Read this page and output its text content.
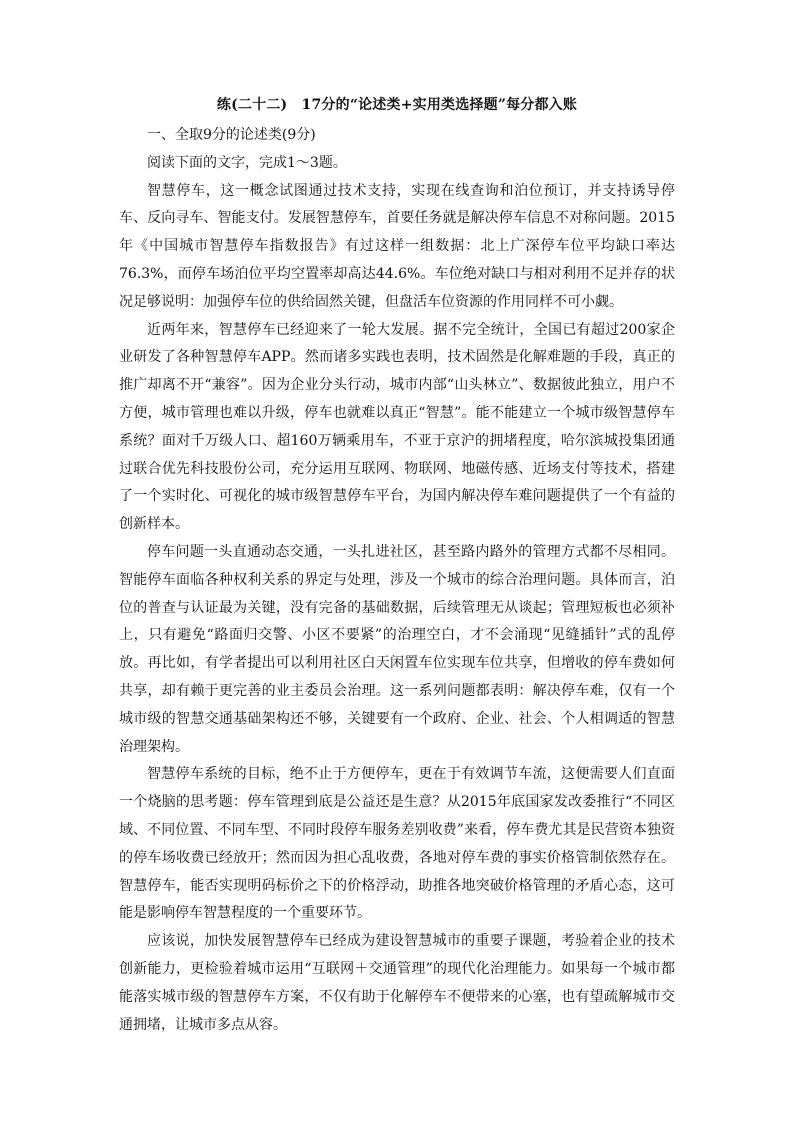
练(二十二)　17分的“论述类+实用类选择题”每分都入账

一、全取9分的论述类(9分)

阅读下面的文字，完成1～3题。

智慧停车，这一概念试图通过技术支持，实现在线查询和泊位预订，并支持诱导停车、反向寻车、智能支付。发展智慧停车，首要任务就是解决停车信息不对称问题。2015年《中国城市智慧停车指数报告》有过这样一组数据：北上广深停车位平均缺口率达76.3%，而停车场泊位平均空置率却高达44.6%。车位绝对缺口与相对利用不足并存的状况足够说明：加强停车位的供给固然关键，但盘活车位资源的作用同样不可小觑。

近两年来，智慧停车已经迎来了一轮大发展。据不完全统计，全国已有超过200家企业研发了各种智慧停车APP。然而诸多实践也表明，技术固然是化解难题的手段，真正的推广却离不开“兼容”。因为企业分头行动，城市内部“山头林立”、数据彼此独立，用户不方便，城市管理也难以升级，停车也就难以真正“智慧”。能不能建立一个城市级智慧停车系统？面对千万级人口、超160万辆乘用车，不亚于京沪的拥堵程度，哈尔滨城投集团通过联合优先科技股份公司，充分运用互联网、物联网、地磁传感、近场支付等技术，搭建了一个实时化、可视化的城市级智慧停车平台，为国内解决停车难问题提供了一个有益的创新样本。

停车问题一头直通动态交通，一头扎进社区，甚至路内路外的管理方式都不尽相同。智能停车面临各种权利关系的界定与处理，涉及一个城市的综合治理问题。具体而言，泊位的普查与认证最为关键，没有完备的基础数据，后续管理无从谈起；管理短板也必须补上，只有避免“路面归交警、小区不要紧”的治理空白，才不会涌现“见缝插针”式的乱停放。再比如，有学者提出可以利用社区白天闲置车位实现车位共享，但增收的停车费如何共享，却有赖于更完善的业主委员会治理。这一系列问题都表明：解决停车难，仅有一个城市级的智慧交通基础架构还不够，关键要有一个政府、企业、社会、个人相调适的智慧治理架构。

智慧停车系统的目标，绝不止于方便停车，更在于有效调节车流，这便需要人们直面一个烧脑的思考题：停车管理到底是公益还是生意？从2015年底国家发改委推行“不同区域、不同位置、不同车型、不同时段停车服务差别收费”来看，停车费尤其是民营资本独资的停车场收费已经放开；然而因为担心乱收费，各地对停车费的事实价格管制依然存在。智慧停车，能否实现明码标价之下的价格浮动，助推各地突破价格管理的矛盾心态，这可能是影响停车智慧程度的一个重要环节。

应该说，加快发展智慧停车已经成为建设智慧城市的重要子课题，考验着企业的技术创新能力，更检验着城市运用“互联网＋交通管理”的现代化治理能力。如果每一个城市都能落实城市级的智慧停车方案，不仅有助于化解停车不便带来的心塞，也有望疏解城市交通拥堵，让城市多点从容。
